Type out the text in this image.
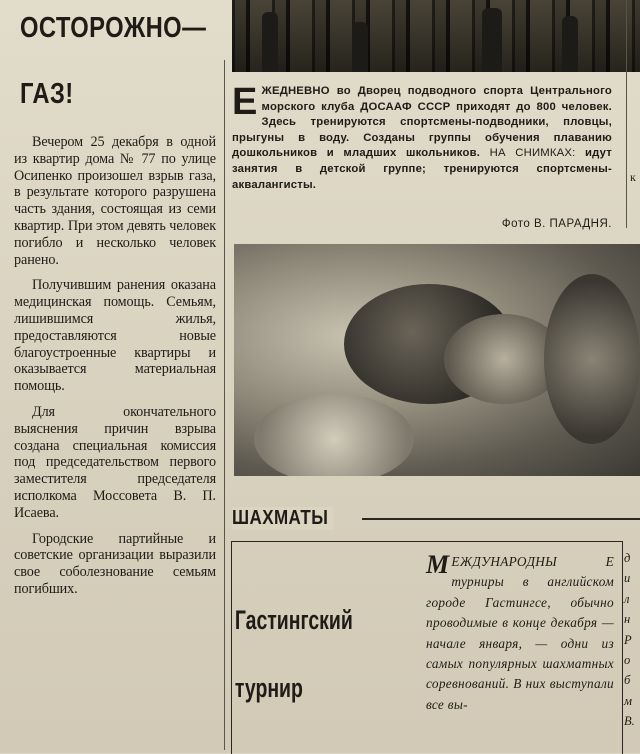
ОСТОРОЖНО—
ГАЗ!

Вечером 25 декабря в одной из квартир дома № 77 по улице Осипенко произошел взрыв газа, в результате которого разрушена часть здания, состоящая из семи квартир. При этом девять человек погибло и несколько человек ранено.

Получившим ранения оказана медицинская помощь. Семьям, лишившимся жилья, предоставляются новые благоустроенные квартиры и оказывается материальная помощь.

Для окончательного выяснения причин взрыва создана специальная комиссия под председательством первого заместителя председателя исполкома Моссовета В. П. Исаева.

Городские партийные и советские организации выразили свое соболезнование семьям погибших.

ЕЖЕДНЕВНО во Дворец подводного спорта Центрального морского клуба ДОСААФ СССР приходят до 800 человек. Здесь тренируются спортсмены-подводники, пловцы, прыгуны в воду. Созданы группы обучения плаванию дошкольников и младших школьников. НА СНИМКАХ: идут занятия в детской группе; тренируются спортсмены-аквалангисты.
Фото В. ПАРАДНЯ.
к
ШАХМАТЫ
Гастингский
турнир
МЕЖДУНАРОДНЫ Е турниры в английском городе Гастингсе, обычно проводимые в конце декабря — начале января, — одни из самых популярных шахматных соревнований. В них выступали все вы-
д
и
л
н
Р
о
б
м
В.
